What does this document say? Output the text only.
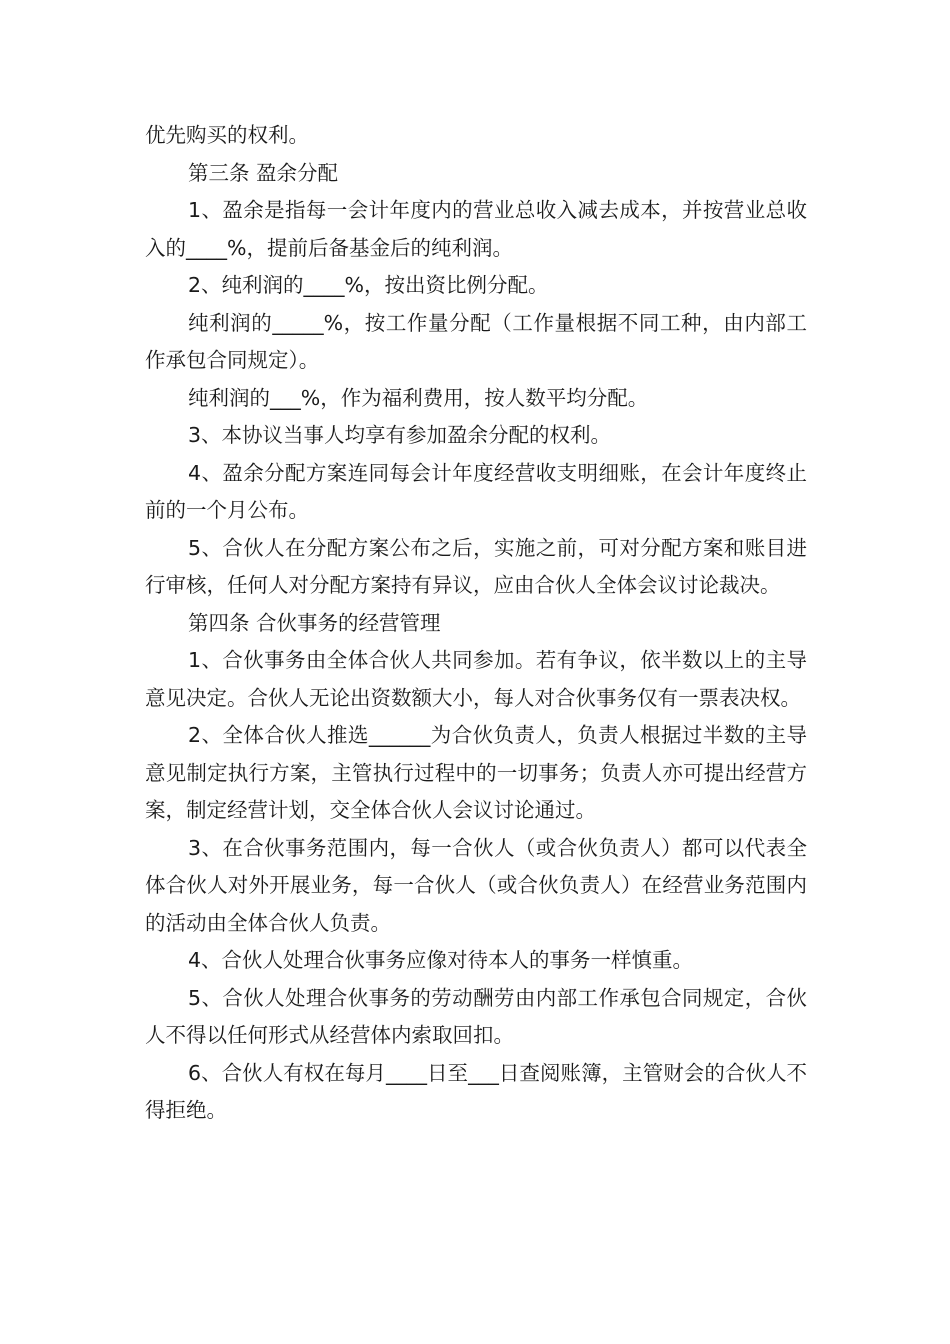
优先购买的权利。

第三条 盈余分配

1、盈余是指每一会计年度内的营业总收入减去成本，并按营业总收入的____%，提前后备基金后的纯利润。

2、纯利润的____%，按出资比例分配。

纯利润的_____%，按工作量分配（工作量根据不同工种，由内部工作承包合同规定）。

纯利润的___%，作为福利费用，按人数平均分配。

3、本协议当事人均享有参加盈余分配的权利。

4、盈余分配方案连同每会计年度经营收支明细账，在会计年度终止前的一个月公布。

5、合伙人在分配方案公布之后，实施之前，可对分配方案和账目进行审核，任何人对分配方案持有异议，应由合伙人全体会议讨论裁决。

第四条 合伙事务的经营管理

1、合伙事务由全体合伙人共同参加。若有争议，依半数以上的主导意见决定。合伙人无论出资数额大小，每人对合伙事务仅有一票表决权。

2、全体合伙人推选______为合伙负责人，负责人根据过半数的主导意见制定执行方案，主管执行过程中的一切事务；负责人亦可提出经营方案，制定经营计划，交全体合伙人会议讨论通过。

3、在合伙事务范围内，每一合伙人（或合伙负责人）都可以代表全体合伙人对外开展业务，每一合伙人（或合伙负责人）在经营业务范围内的活动由全体合伙人负责。

4、合伙人处理合伙事务应像对待本人的事务一样慎重。

5、合伙人处理合伙事务的劳动酬劳由内部工作承包合同规定，合伙人不得以任何形式从经营体内索取回扣。

6、合伙人有权在每月____日至___日查阅账簿，主管财会的合伙人不得拒绝。
